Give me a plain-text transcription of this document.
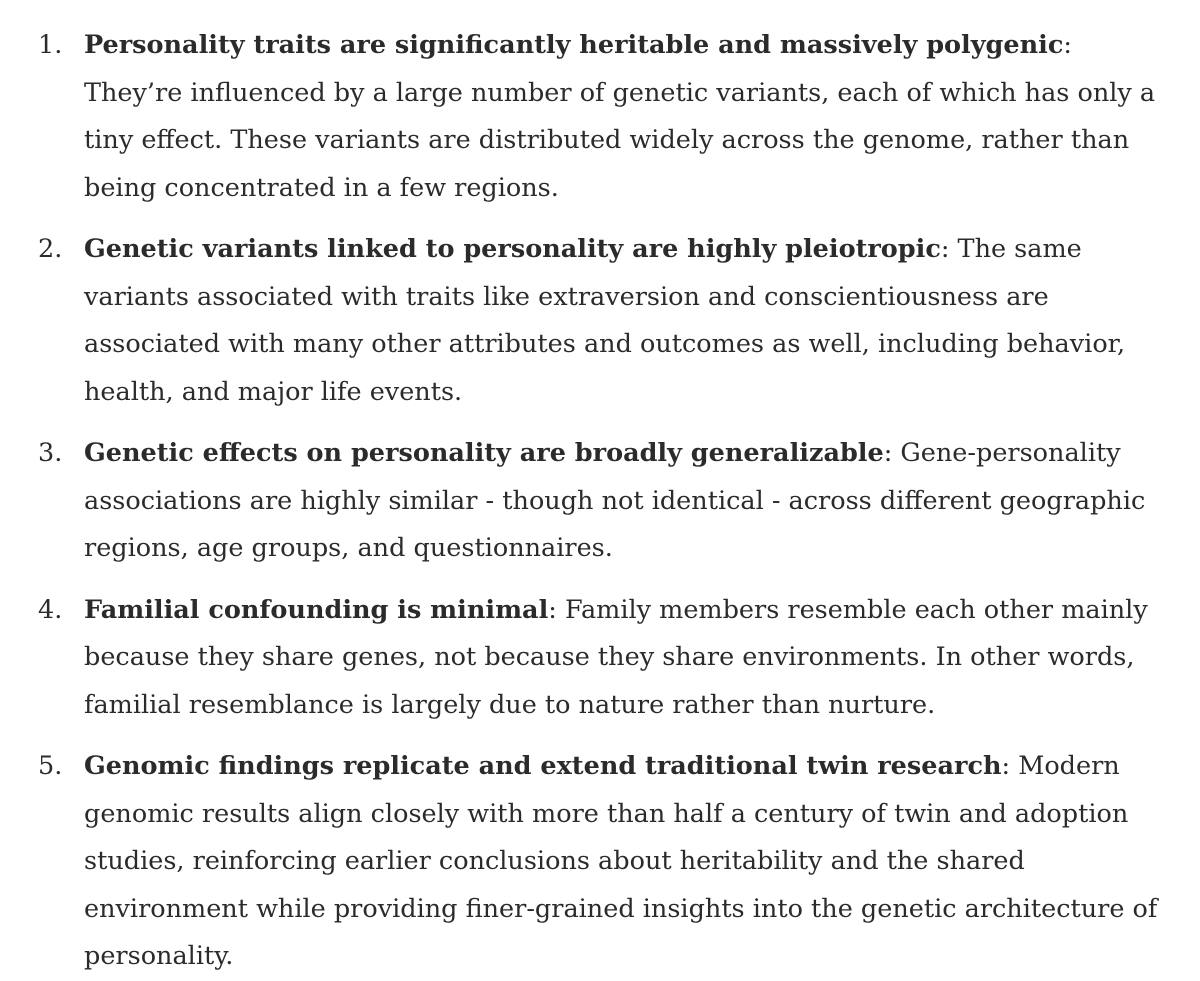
1. Personality traits are significantly heritable and massively polygenic: They’re influenced by a large number of genetic variants, each of which has only a tiny effect. These variants are distributed widely across the genome, rather than being concentrated in a few regions.
2. Genetic variants linked to personality are highly pleiotropic: The same variants associated with traits like extraversion and conscientiousness are associated with many other attributes and outcomes as well, including behavior, health, and major life events.
3. Genetic effects on personality are broadly generalizable: Gene-personality associations are highly similar - though not identical - across different geographic regions, age groups, and questionnaires.
4. Familial confounding is minimal: Family members resemble each other mainly because they share genes, not because they share environments. In other words, familial resemblance is largely due to nature rather than nurture.
5. Genomic findings replicate and extend traditional twin research: Modern genomic results align closely with more than half a century of twin and adoption studies, reinforcing earlier conclusions about heritability and the shared environment while providing finer-grained insights into the genetic architecture of personality.
